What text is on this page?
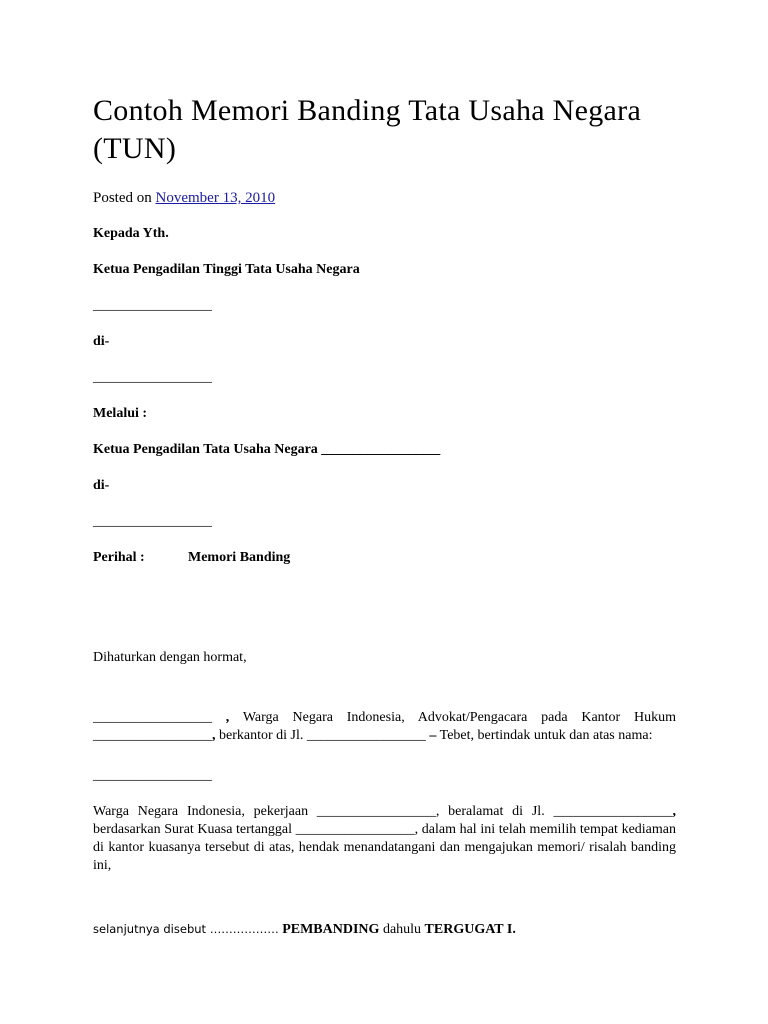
Contoh Memori Banding Tata Usaha Negara (TUN)
Posted on November 13, 2010

Kepada Yth.

Ketua Pengadilan Tinggi Tata Usaha Negara

_________________

di-

_________________

Melalui :

Ketua Pengadilan Tata Usaha Negara _________________

di-

_________________

Perihal :	Memori Banding

Dihaturkan dengan hormat,

_________________ , Warga Negara Indonesia, Advokat/Pengacara pada Kantor Hukum _________________, berkantor di Jl. _________________ – Tebet, bertindak untuk dan atas nama:

_________________

Warga Negara Indonesia, pekerjaan _________________, beralamat di Jl. _________________, berdasarkan Surat Kuasa tertanggal _________________, dalam hal ini telah memilih tempat kediaman di kantor kuasanya tersebut di atas, hendak menandatangani dan mengajukan memori/ risalah banding ini,

selanjutnya disebut ……………… PEMBANDING dahulu TERGUGAT I.
